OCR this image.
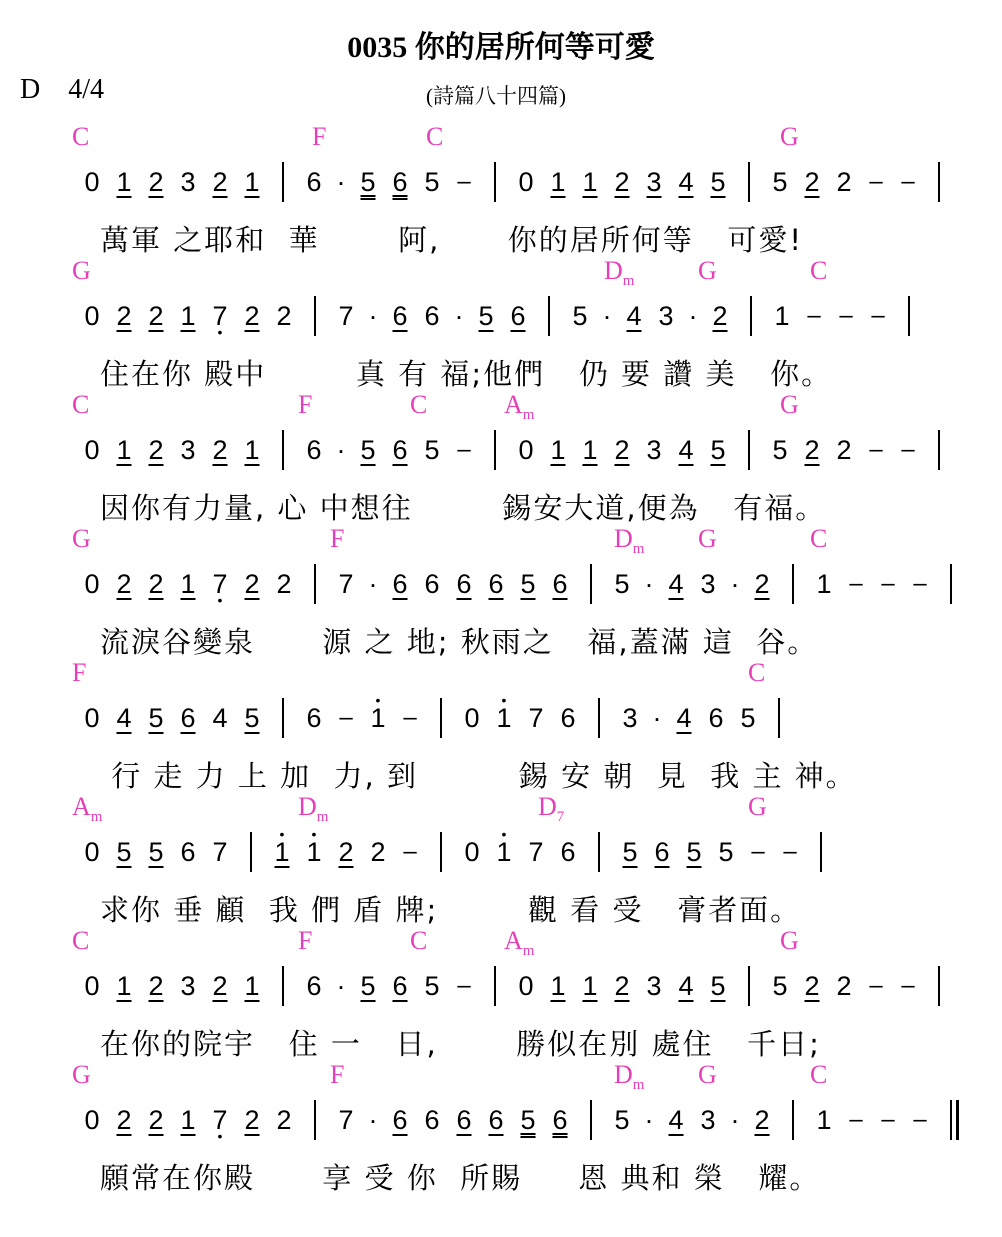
0035 你的居所何等可愛
D 4/4	(詩篇八十四篇)
C	F	C	G
0 1 2 3 2 1	6 · 5 6 5 –	0 1 1 2 3 4 5	5 2 2 – –
萬軍 之耶和  華       阿,      你的居所何等   可愛!
G	$D_m$ G	C
0 2 2 1 7 • 2 2	7 · 6 6 · 5 6	5 · 4 3 · 2	1 – – –
住在你 殿中        真 有 福;他們   仍 要 讚 美   你。
C	F	C	$A_m$	G
0 1 2 3 2 1	6 · 5 6 5 –	0 1 1 2 3 4 5	5 2 2 – –
因你有力量, 心 中想往        錫安大道,便為   有福。
G	F	$D_m$ G	C
0 2 2 1 7 • 2 2	7 · 6 6 6 6 5 6	5 · 4 3 · 2	1 – – –
流淚谷變泉      源 之 地; 秋雨之   福,蓋滿 這  谷。
F	C
0 4 5 6 4 5	6 – • 1 –	0 • 1 7 6	3 · 4 6 5
行 走 力 上 加  力, 到         錫 安 朝  見  我 主 神。
$A_m$	$D_m$	$D_7$	G
0 5 5 6 7	• 1 • 1 2 2 –	0 • 1 7 6	5 6 5 5 – –
求你 垂 顧  我 們 盾 牌;        觀 看 受   膏者面。
C	F	C	$A_m$	G
0 1 2 3 2 1	6 · 5 6 5 –	0 1 1 2 3 4 5	5 2 2 – –
在你的院宇   住 一   日,       勝似在別 處住   千日;
G	F	$D_m$ G	C
0 2 2 1 7 • 2 2	7 · 6 6 6 6 5 6	5 · 4 3 · 2	1 – – –
願常在你殿      享 受 你  所賜     恩 典和 榮   耀。
